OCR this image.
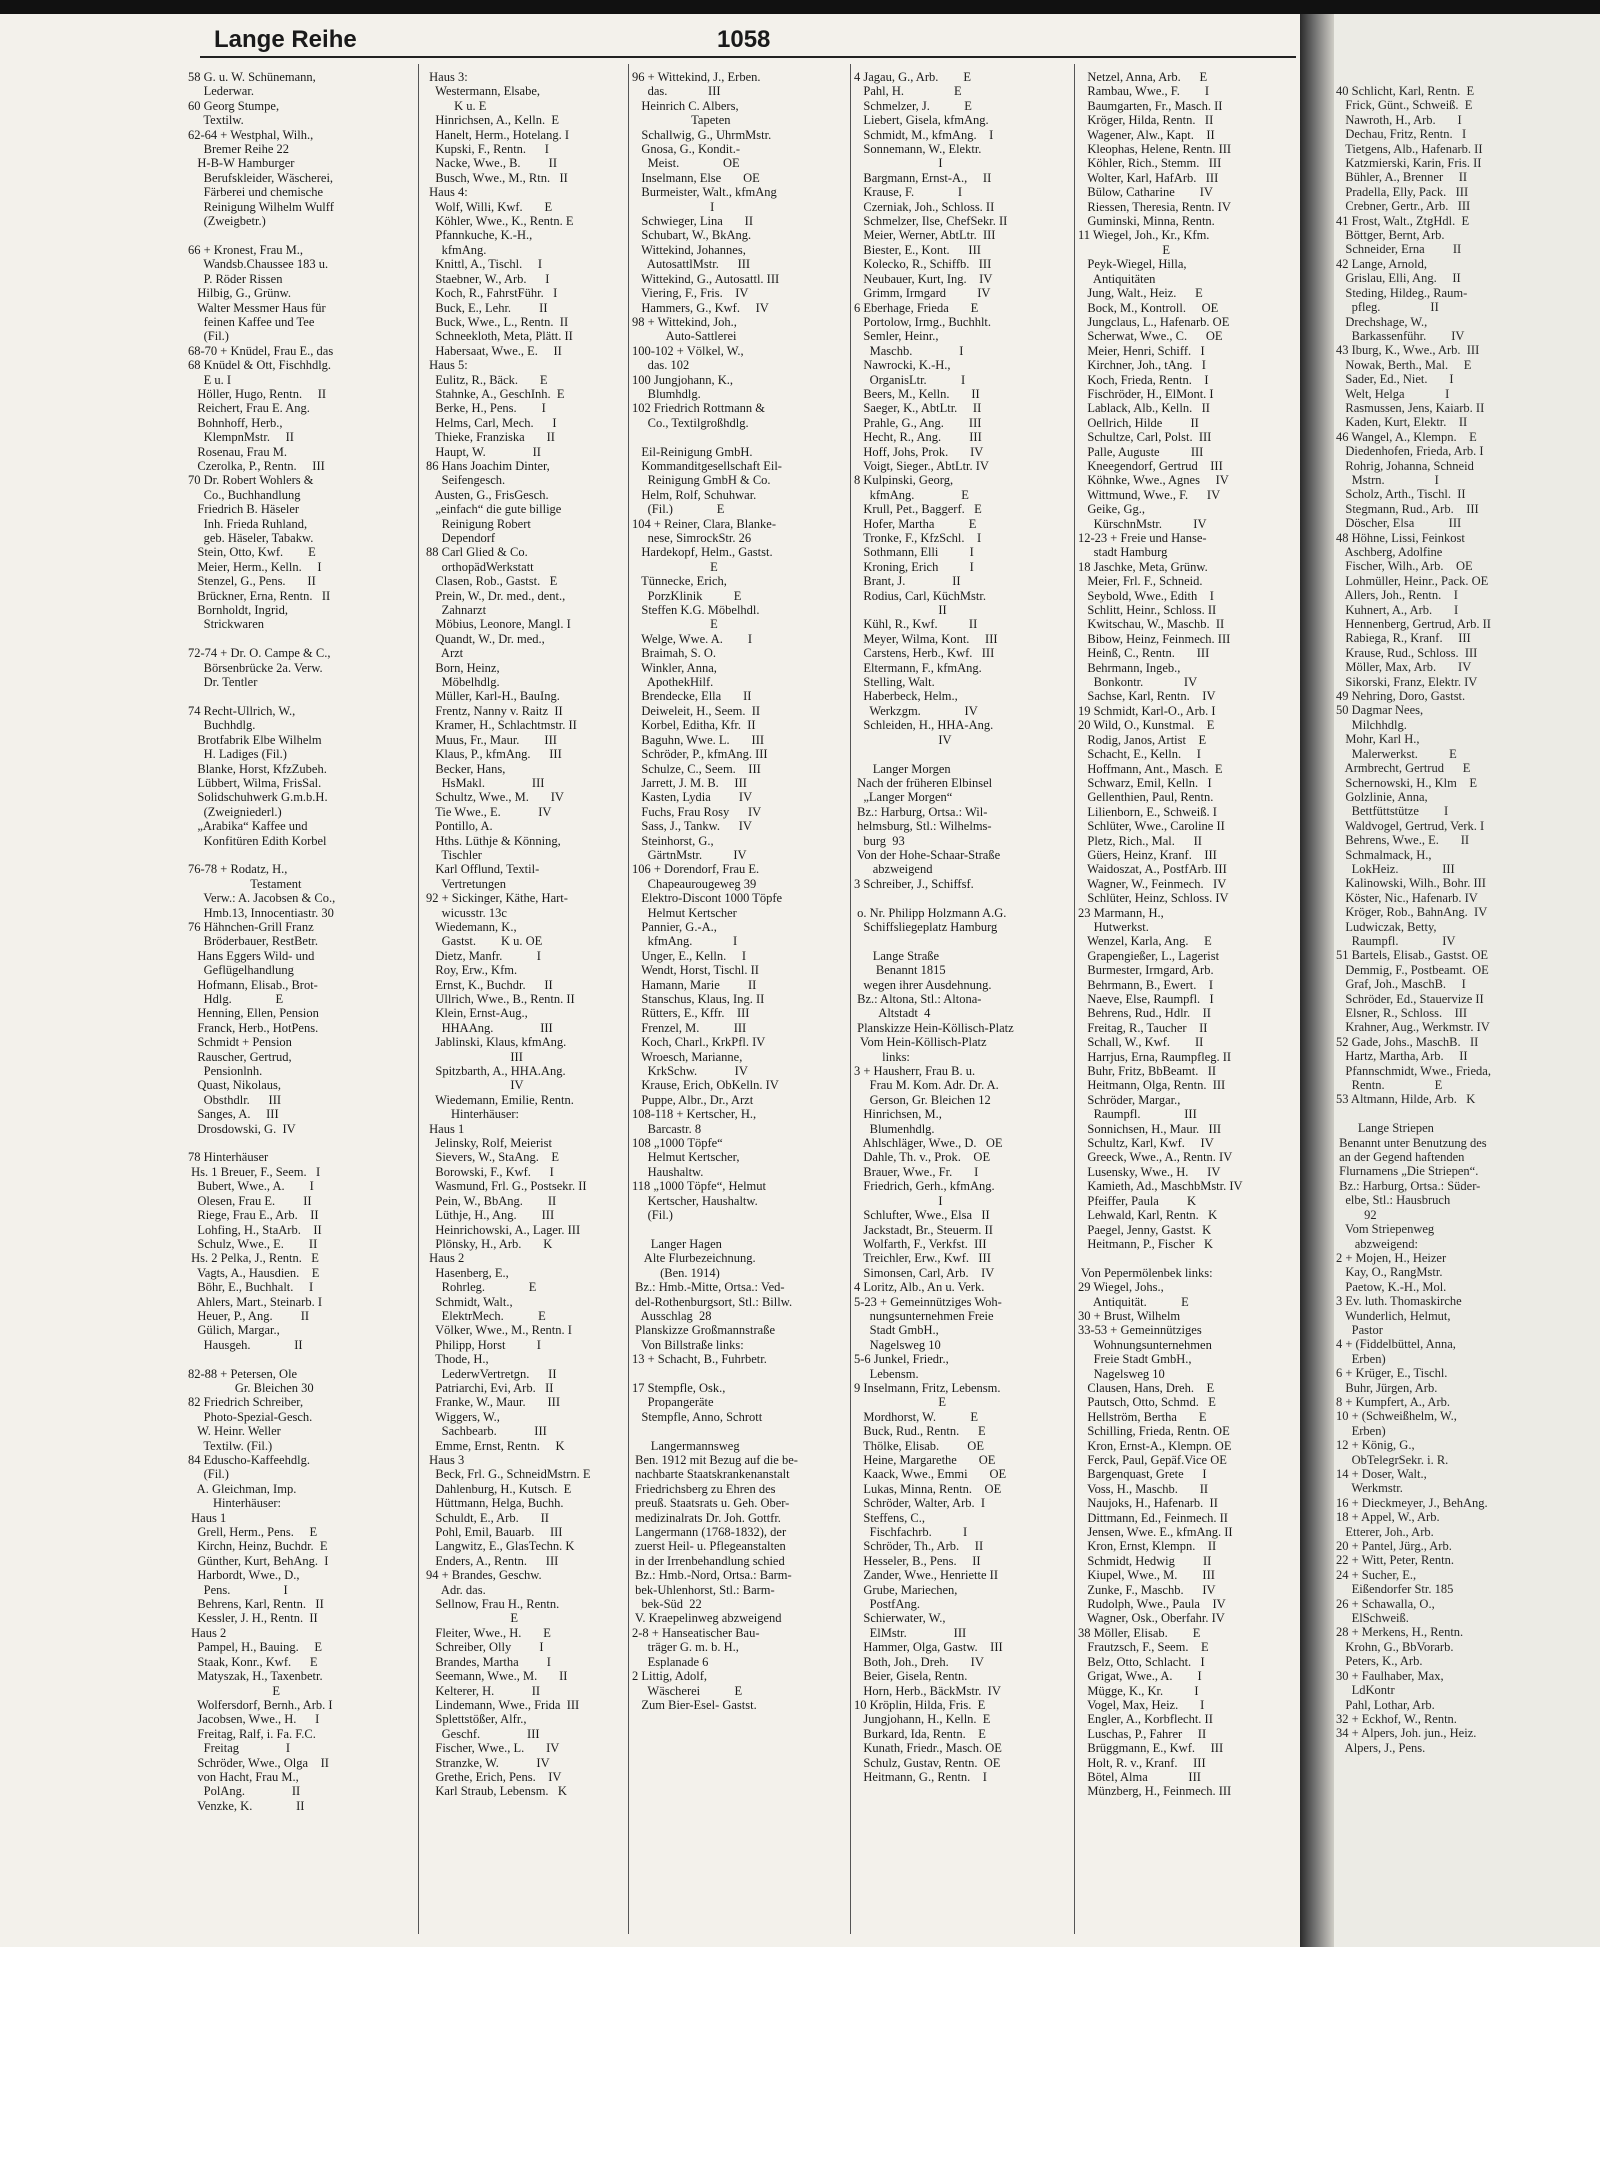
Lange Reihe	1058
58 G. u. W. Schünemann,
Lederwar.
60 Georg Stumpe,
Textilw.
62-64 + Westphal, Wilh.,
Bremer Reihe 22
H-B-W Hamburger
Berufskleider, Wäscherei,
Färberei und chemische
Reinigung Wilhelm Wulff
(Zweigbetr.)

66 + Kronest, Frau M.,
Wandsb.Chaussee 183 u.
P. Röder Rissen
Hilbig, G., Grünw.
Walter Messmer Haus für
feinen Kaffee und Tee
(Fil.)
68-70 + Knüdel, Frau E., das
68 Knüdel & Ott, Fischhdlg.
E u. I
Höller, Hugo, Rentn.     II
Reichert, Frau E. Ang.
Bohnhoff, Herb.,
KlempnMstr.     II
Rosenau, Frau M.
Czerolka, P., Rentn.     III
70 Dr. Robert Wohlers &
Co., Buchhandlung
Friedrich B. Häseler
Inh. Frieda Ruhland,
geb. Häseler, Tabakw.
Stein, Otto, Kwf.        E
Meier, Herm., Kelln.     I
Stenzel, G., Pens.       II
Brückner, Erna, Rentn.   II
Bornholdt, Ingrid,
Strickwaren

72-74 + Dr. O. Campe & C.,
Börsenbrücke 2a. Verw.
Dr. Tentler

74 Recht-Ullrich, W.,
Buchhdlg.
Brotfabrik Elbe Wilhelm
H. Ladiges (Fil.)
Blanke, Horst, KfzZubeh.
Lübbert, Wilma, FrisSal.
Solidschuhwerk G.m.b.H.
(Zweigniederl.)
„Arabika“ Kaffee und
Konfitüren Edith Korbel

76-78 + Rodatz, H.,
Testament
Verw.: A. Jacobsen & Co.,
Hmb.13, Innocentiastr. 30
76 Hähnchen-Grill Franz
Bröderbauer, RestBetr.
Hans Eggers Wild- und
Geflügelhandlung
Hofmann, Elisab., Brot-
Hdlg.              E
Henning, Ellen, Pension
Franck, Herb., HotPens.
Schmidt + Pension
Rauscher, Gertrud,
Pensionlnh.
Quast, Nikolaus,
Obsthdlr.      III
Sanges, A.     III
Drosdowski, G.  IV

78 Hinterhäuser
Hs. 1 Breuer, F., Seem.   I
Bubert, Wwe., A.        I
Olesen, Frau E.         II
Riege, Frau E., Arb.    II
Lohfing, H., StaArb.    II
Schulz, Wwe., E.        II
Hs. 2 Pelka, J., Rentn.   E
Vagts, A., Hausdien.    E
Böhr, E., Buchhalt.     I
Ahlers, Mart., Steinarb. I
Heuer, P., Ang.         II
Gülich, Margar.,
Hausgeh.              II

82-88 + Petersen, Ole
Gr. Bleichen 30
82 Friedrich Schreiber,
Photo-Spezial-Gesch.
W. Heinr. Weller
Textilw. (Fil.)
84 Eduscho-Kaffeehdlg.
(Fil.)
A. Gleichman, Imp.
Hinterhäuser:
Haus 1
Grell, Herm., Pens.     E
Kirchn, Heinz, Buchdr.  E
Günther, Kurt, BehAng.  I
Harbordt, Wwe., D.,
Pens.                 I
Behrens, Karl, Rentn.   II
Kessler, J. H., Rentn.  II
Haus 2
Pampel, H., Bauing.     E
Staak, Konr., Kwf.      E
Matyszak, H., Taxenbetr.
E
Wolfersdorf, Bernh., Arb. I
Jacobsen, Wwe., H.      I
Freitag, Ralf, i. Fa. F.C.
Freitag               I
Schröder, Wwe., Olga    II
von Hacht, Frau M.,
PolAng.               II
Venzke, K.              II
Haus 3:
Westermann, Elsabe,
K u. E
Hinrichsen, A., Kelln.  E
Hanelt, Herm., Hotelang. I
Kupski, F., Rentn.      I
Nacke, Wwe., B.         II
Busch, Wwe., M., Rtn.   II
Haus 4:
Wolf, Willi, Kwf.       E
Köhler, Wwe., K., Rentn. E
Pfannkuche, K.-H.,
kfmAng.
Knittl, A., Tischl.     I
Staebner, W., Arb.      I
Koch, R., FahrstFühr.   I
Buck, E., Lehr.         II
Buck, Wwe., L., Rentn.  II
Schneekloth, Meta, Plätt. II
Habersaat, Wwe., E.     II
Haus 5:
Eulitz, R., Bäck.       E
Stahnke, A., GeschInh.  E
Berke, H., Pens.        I
Helms, Carl, Mech.      I
Thieke, Franziska       II
Haupt, W.               II
86 Hans Joachim Dinter,
Seifengesch.
Austen, G., FrisGesch.
„einfach“ die gute billige
Reinigung Robert
Dependorf
88 Carl Glied & Co.
orthopädWerkstatt
Clasen, Rob., Gastst.   E
Prein, W., Dr. med., dent.,
Zahnarzt
Möbius, Leonore, Mangl. I
Quandt, W., Dr. med.,
Arzt
Born, Heinz,
Möbelhdlg.
Müller, Karl-H., BauIng.
Frentz, Nanny v. Raitz  II
Kramer, H., Schlachtmstr. II
Muus, Fr., Maur.        III
Klaus, P., kfmAng.      III
Becker, Hans,
HsMakl.               III
Schultz, Wwe., M.       IV
Tie Wwe., E.            IV
Pontillo, A.
Hths. Lüthje & Könning,
Tischler
Karl Offlund, Textil-
Vertretungen
92 + Sickinger, Käthe, Hart-
wicusstr. 13c
Wiedemann, K.,
Gastst.        K u. OE
Dietz, Manfr.           I
Roy, Erw., Kfm.
Ernst, K., Buchdr.      II
Ullrich, Wwe., B., Rentn. II
Klein, Ernst-Aug.,
HHAAng.               III
Jablinski, Klaus, kfmAng.
III
Spitzbarth, A., HHA.Ang.
IV
Wiedemann, Emilie, Rentn.
Hinterhäuser:
Haus 1
Jelinsky, Rolf, Meierist
Sievers, W., StaAng.    E
Borowski, F., Kwf.      I
Wasmund, Frl. G., Postsekr. II
Pein, W., BbAng.        II
Lüthje, H., Ang.        III
Heinrichowski, A., Lager. III
Plönsky, H., Arb.       K
Haus 2
Hasenberg, E.,
Rohrleg.              E
Schmidt, Walt.,
ElektrMech.           E
Völker, Wwe., M., Rentn. I
Philipp, Horst          I
Thode, H.,
LederwVertretgn.      II
Patriarchi, Evi, Arb.   II
Franke, W., Maur.       III
Wiggers, W.,
Sachbearb.            III
Emme, Ernst, Rentn.     K
Haus 3
Beck, Frl. G., SchneidMstrn. E
Dahlenburg, H., Kutsch.  E
Hüttmann, Helga, Buchh.
Schuldt, E., Arb.       II
Pohl, Emil, Bauarb.     III
Langwitz, E., GlasTechn. K
Enders, A., Rentn.      III
94 + Brandes, Geschw.
Adr. das.
Sellnow, Frau H., Rentn.
E
Fleiter, Wwe., H.       E
Schreiber, Olly         I
Brandes, Martha         I
Seemann, Wwe., M.       II
Kelterer, H.            II
Lindemann, Wwe., Frida  III
Splettstößer, Alfr.,
Geschf.               III
Fischer, Wwe., L.       IV
Stranzke, W.            IV
Grethe, Erich, Pens.    IV
Karl Straub, Lebensm.   K
96 + Wittekind, J., Erben.
das.             III
Heinrich C. Albers,
Tapeten
Schallwig, G., UhrmMstr.
Gnosa, G., Kondit.-
Meist.              OE
Inselmann, Else       OE
Burmeister, Walt., kfmAng
I
Schwieger, Lina       II
Schubart, W., BkAng.
Wittekind, Johannes,
AutosattlMstr.      III
Wittekind, G., Autosattl. III
Viering, F., Fris.    IV
Hammers, G., Kwf.     IV
98 + Wittekind, Joh.,
Auto-Sattlerei
100-102 + Völkel, W.,
das. 102
100 Jungjohann, K.,
Blumhdlg.
102 Friedrich Rottmann &
Co., Textilgroßhdlg.

Eil-Reinigung GmbH.
Kommanditgesellschaft Eil-
Reinigung GmbH & Co.
Helm, Rolf, Schuhwar.
(Fil.)              E
104 + Reiner, Clara, Blanke-
nese, SimrockStr. 26
Hardekopf, Helm., Gastst.
E
Tünnecke, Erich,
PorzKlinik          E
Steffen K.G. Möbelhdl.
E
Welge, Wwe. A.        I
Braimah, S. O.
Winkler, Anna,
ApothekHilf.
Brendecke, Ella       II
Deiweleit, H., Seem.  II
Korbel, Editha, Kfr.  II
Baguhn, Wwe. L.       III
Schröder, P., kfmAng. III
Schulze, C., Seem.    III
Jarrett, J. M. B.     III
Kasten, Lydia         IV
Fuchs, Frau Rosy      IV
Sass, J., Tankw.      IV
Steinhorst, G.,
GärtnMstr.          IV
106 + Dorendorf, Frau E.
Chapeaurougeweg 39
Elektro-Discont 1000 Töpfe
Helmut Kertscher
Pannier, G.-A.,
kfmAng.             I
Unger, E., Kelln.     I
Wendt, Horst, Tischl. II
Hamann, Marie         II
Stanschus, Klaus, Ing. II
Rütters, E., Kffr.    III
Frenzel, M.           III
Koch, Charl., KrkPfl. IV
Wroesch, Marianne,
KrkSchw.            IV
Krause, Erich, ObKelln. IV
Puppe, Albr., Dr., Arzt
108-118 + Kertscher, H.,
Barcastr. 8
108 „1000 Töpfe“
Helmut Kertscher,
Haushaltw.
118 „1000 Töpfe“, Helmut
Kertscher, Haushaltw.
(Fil.)

Langer Hagen
Alte Flurbezeichnung.
(Ben. 1914)
Bz.: Hmb.-Mitte, Ortsa.: Ved-
del-Rothenburgsort, Stl.: Billw.
Ausschlag  28
Planskizze Großmannstraße
Von Billstraße links:
13 + Schacht, B., Fuhrbetr.

17 Stempfle, Osk.,
Propangeräte
Stempfle, Anno, Schrott

Langermannsweg
Ben. 1912 mit Bezug auf die be-
nachbarte Staatskrankenanstalt
Friedrichsberg zu Ehren des
preuß. Staatsrats u. Geh. Ober-
medizinalrats Dr. Joh. Gottfr.
Langermann (1768-1832), der
zuerst Heil- u. Pflegeanstalten
in der Irrenbehandlung schied
Bz.: Hmb.-Nord, Ortsa.: Barm-
bek-Uhlenhorst, Stl.: Barm-
bek-Süd  22
V. Kraepelinweg abzweigend
2-8 + Hanseatischer Bau-
träger G. m. b. H.,
Esplanade 6
2 Littig, Adolf,
Wäscherei           E
Zum Bier-Esel- Gastst.
4 Jagau, G., Arb.        E
Pahl, H.                E
Schmelzer, J.           E
Liebert, Gisela, kfmAng.
Schmidt, M., kfmAng.    I
Sonnemann, W., Elektr.
I
Bargmann, Ernst-A.,     II
Krause, F.              I
Czerniak, Joh., Schloss. II
Schmelzer, Ilse, ChefSekr. II
Meier, Werner, AbtLtr.  III
Biester, E., Kont.      III
Kolecko, R., Schiffb.   III
Neubauer, Kurt, Ing.    IV
Grimm, Irmgard          IV
6 Eberhage, Frieda       E
Portolow, Irmg., Buchhlt.
Semler, Heinr.,
Maschb.               I
Nawrocki, K.-H.,
OrganisLtr.           I
Beers, M., Kelln.       II
Saeger, K., AbtLtr.     II
Prahle, G., Ang.        III
Hecht, R., Ang.         III
Hoff, Johs, Prok.       IV
Voigt, Sieger., AbtLtr. IV
8 Kulpinski, Georg,
kfmAng.               E
Krull, Pet., Baggerf.   E
Hofer, Martha           E
Tronke, F., KfzSchl.    I
Sothmann, Elli          I
Kroning, Erich          I
Brant, J.               II
Rodius, Carl, KüchMstr.
II
Kühl, R., Kwf.          II
Meyer, Wilma, Kont.     III
Carstens, Herb., Kwf.   III
Eltermann, F., kfmAng.
Stelling, Walt.
Haberbeck, Helm.,
Werkzgm.              IV
Schleiden, H., HHA-Ang.
IV

Langer Morgen
Nach der früheren Elbinsel
„Langer Morgen“
Bz.: Harburg, Ortsa.: Wil-
helmsburg, Stl.: Wilhelms-
burg  93
Von der Hohe-Schaar-Straße
abzweigend
3 Schreiber, J., Schiffsf.

o. Nr. Philipp Holzmann A.G.
Schiffsliegeplatz Hamburg

Lange Straße
Benannt 1815
wegen ihrer Ausdehnung.
Bz.: Altona, Stl.: Altona-
Altstadt  4
Planskizze Hein-Köllisch-Platz
Vom Hein-Köllisch-Platz
links:
3 + Hausherr, Frau B. u.
Frau M. Kom. Adr. Dr. A.
Gerson, Gr. Bleichen 12
Hinrichsen, M.,
Blumenhdlg.
Ahlschläger, Wwe., D.   OE
Dahle, Th. v., Prok.    OE
Brauer, Wwe., Fr.       I
Friedrich, Gerh., kfmAng.
I
Schlufter, Wwe., Elsa   II
Jackstadt, Br., Steuerm. II
Wolfarth, F., Verkfst.  III
Treichler, Erw., Kwf.   III
Simonsen, Carl, Arb.    IV
4 Loritz, Alb., An u. Verk.
5-23 + Gemeinnütziges Woh-
nungsunternehmen Freie
Stadt GmbH.,
Nagelsweg 10
5-6 Junkel, Friedr.,
Lebensm.
9 Inselmann, Fritz, Lebensm.
E
Mordhorst, W.           E
Buck, Rud., Rentn.      E
Thölke, Elisab.         OE
Heine, Margarethe       OE
Kaack, Wwe., Emmi       OE
Lukas, Minna, Rentn.    OE
Schröder, Walter, Arb.  I
Steffens, C.,
Fischfachrb.          I
Schröder, Th., Arb.     II
Hesseler, B., Pens.     II
Zander, Wwe., Henriette II
Grube, Mariechen,
PostfAng.
Schierwater, W.,
ElMstr.               III
Hammer, Olga, Gastw.    III
Both, Joh., Dreh.       IV
Beier, Gisela, Rentn.
Horn, Herb., BäckMstr.  IV
10 Kröplin, Hilda, Fris.  E
Jungjohann, H., Kelln.  E
Burkard, Ida, Rentn.    E
Kunath, Friedr., Masch. OE
Schulz, Gustav, Rentn.  OE
Heitmann, G., Rentn.    I
Netzel, Anna, Arb.      E
Rambau, Wwe., F.        I
Baumgarten, Fr., Masch. II
Kröger, Hilda, Rentn.   II
Wagener, Alw., Kapt.    II
Kleophas, Helene, Rentn. III
Köhler, Rich., Stemm.   III
Wolter, Karl, HafArb.   III
Bülow, Catharine        IV
Riessen, Theresia, Rentn. IV
Guminski, Minna, Rentn.
11 Wiegel, Joh., Kr., Kfm.
E
Peyk-Wiegel, Hilla,
Antiquitäten
Jung, Walt., Heiz.      E
Bock, M., Kontroll.     OE
Jungclaus, L., Hafenarb. OE
Scherwat, Wwe., C.      OE
Meier, Henri, Schiff.   I
Kirchner, Joh., tAng.   I
Koch, Frieda, Rentn.    I
Fischröder, H., ElMont. I
Lablack, Alb., Kelln.   II
Oellrich, Hilde         II
Schultze, Carl, Polst.  III
Palle, Auguste          III
Kneegendorf, Gertrud    III
Köhnke, Wwe., Agnes     IV
Wittmund, Wwe., F.      IV
Geike, Gg.,
KürschnMstr.          IV
12-23 + Freie und Hanse-
stadt Hamburg
18 Jaschke, Meta, Grünw.
Meier, Frl. F., Schneid.
Seybold, Wwe., Edith    I
Schlitt, Heinr., Schloss. II
Kwitschau, W., Maschb.  II
Bibow, Heinz, Feinmech. III
Heinß, C., Rentn.       III
Behrmann, Ingeb.,
Bonkontr.             IV
Sachse, Karl, Rentn.    IV
19 Schmidt, Karl-O., Arb. I
20 Wild, O., Kunstmal.    E
Rodig, Janos, Artist    E
Schacht, E., Kelln.     I
Hoffmann, Ant., Masch.  E
Schwarz, Emil, Kelln.   I
Gellenthien, Paul, Rentn.
Lilienborn, E., Schweiß. I
Schlüter, Wwe., Caroline II
Pletz, Rich., Mal.      II
Güers, Heinz, Kranf.    III
Waidoszat, A., PostfArb. III
Wagner, W., Feinmech.   IV
Schlüter, Heinz, Schloss. IV
23 Marmann, H.,
Hutwerkst.
Wenzel, Karla, Ang.     E
Grapengießer, L., Lagerist
Burmester, Irmgard, Arb.
Behrmann, B., Ewert.    I
Naeve, Else, Raumpfl.   I
Behrens, Rud., Hdlr.    II
Freitag, R., Taucher    II
Schall, W., Kwf.        II
Harrjus, Erna, Raumpfleg. II
Buhr, Fritz, BbBeamt.   II
Heitmann, Olga, Rentn.  III
Schröder, Margar.,
Raumpfl.              III
Sonnichsen, H., Maur.   III
Schultz, Karl, Kwf.     IV
Greeck, Wwe., A., Rentn. IV
Lusensky, Wwe., H.      IV
Kamieth, Ad., MaschbMstr. IV
Pfeiffer, Paula         K
Lehwald, Karl, Rentn.   K
Paegel, Jenny, Gastst.  K
Heitmann, P., Fischer   K

Von Pepermölenbek links:
29 Wiegel, Johs.,
Antiquität.           E
30 + Brust, Wilhelm
33-53 + Gemeinnütziges
Wohnungsunternehmen
Freie Stadt GmbH.,
Nagelsweg 10
Clausen, Hans, Dreh.    E
Pautsch, Otto, Schmd.   E
Hellström, Bertha       E
Schilling, Frieda, Rentn. OE
Kron, Ernst-A., Klempn. OE
Ferck, Paul, Gepäf.Vice OE
Bargenquast, Grete      I
Voss, H., Maschb.       II
Naujoks, H., Hafenarb.  II
Dittmann, Ed., Feinmech. II
Jensen, Wwe. E., kfmAng. II
Kron, Ernst, Klempn.    II
Schmidt, Hedwig         II
Kiupel, Wwe., M.        III
Zunke, F., Maschb.      IV
Rudolph, Wwe., Paula    IV
Wagner, Osk., Oberfahr. IV
38 Möller, Elisab.        E
Frautzsch, F., Seem.    E
Belz, Otto, Schlacht.   I
Grigat, Wwe., A.        I
Mügge, K., Kr.          I
Vogel, Max, Heiz.       I
Engler, A., Korbflecht. II
Luschas, P., Fahrer     II
Brüggmann, E., Kwf.     III
Holt, R. v., Kranf.     III
Bötel, Alma             III
Münzberg, H., Feinmech. III
40 Schlicht, Karl, Rentn.  E
Frick, Günt., Schweiß.  E
Nawroth, H., Arb.       I
Dechau, Fritz, Rentn.   I
Tietgens, Alb., Hafenarb. II
Katzmierski, Karin, Fris. II
Bühler, A., Brenner     II
Pradella, Elly, Pack.   III
Crebner, Gertr., Arb.   III
41 Frost, Walt., ZtgHdl.  E
Böttger, Bernt, Arb.
Schneider, Erna         II
42 Lange, Arnold,
Grislau, Elli, Ang.     II
Steding, Hildeg., Raum-
pfleg.                II
Drechshage, W.,
Barkassenführ.        IV
43 Iburg, K., Wwe., Arb.  III
Nowak, Berth., Mal.     E
Sader, Ed., Niet.       I
Welt, Helga             I
Rasmussen, Jens, Kaiarb. II
Kaden, Kurt, Elektr.    II
46 Wangel, A., Klempn.    E
Diedenhofen, Frieda, Arb. I
Rohrig, Johanna, Schneid
Mstrn.                I
Scholz, Arth., Tischl.  II
Stegmann, Rud., Arb.    III
Döscher, Elsa           III
48 Höhne, Lissi, Feinkost
Aschberg, Adolfine
Fischer, Wilh., Arb.    OE
Lohmüller, Heinr., Pack. OE
Allers, Joh., Rentn.    I
Kuhnert, A., Arb.       I
Hennenberg, Gertrud, Arb. II
Rabiega, R., Kranf.     III
Krause, Rud., Schloss.  III
Möller, Max, Arb.       IV
Sikorski, Franz, Elektr. IV
49 Nehring, Doro, Gastst.
50 Dagmar Nees,
Milchhdlg.
Mohr, Karl H.,
Malerwerkst.          E
Armbrecht, Gertrud      E
Schernowski, H., Klm    E
Golzlinie, Anna,
Bettfüttstütze        I
Waldvogel, Gertrud, Verk. I
Behrens, Wwe., E.       II
Schmalmack, H.,
LokHeiz.              III
Kalinowski, Wilh., Bohr. III
Köster, Nic., Hafenarb. IV
Kröger, Rob., BahnAng.  IV
Ludwiczak, Betty,
Raumpfl.              IV
51 Bartels, Elisab., Gastst. OE
Demmig, F., Postbeamt.  OE
Graf, Joh., MaschB.     I
Schröder, Ed., Stauervize II
Elsner, R., Schloss.    III
Krahner, Aug., Werkmstr. IV
52 Gade, Johs., MaschB.   II
Hartz, Martha, Arb.     II
Pfannschmidt, Wwe., Frieda,
Rentn.                E
53 Altmann, Hilde, Arb.   K

Lange Striepen
Benannt unter Benutzung des
an der Gegend haftenden
Flurnamens „Die Striepen“.
Bz.: Harburg, Ortsa.: Süder-
elbe, Stl.: Hausbruch
92
Vom Striepenweg
abzweigend:
2 + Mojen, H., Heizer
Kay, O., RangMstr.
Paetow, K.-H., Mol.
3 Ev. luth. Thomaskirche
Wunderlich, Helmut,
Pastor
4 + (Fiddelbüttel, Anna,
Erben)
6 + Krüger, E., Tischl.
Buhr, Jürgen, Arb.
8 + Kumpfert, A., Arb.
10 + (Schweißhelm, W.,
Erben)
12 + König, G.,
ObTelegrSekr. i. R.
14 + Doser, Walt.,
Werkmstr.
16 + Dieckmeyer, J., BehAng.
18 + Appel, W., Arb.
Etterer, Joh., Arb.
20 + Pantel, Jürg., Arb.
22 + Witt, Peter, Rentn.
24 + Sucher, E.,
Eißendorfer Str. 185
26 + Schawalla, O.,
ElSchweiß.
28 + Merkens, H., Rentn.
Krohn, G., BbVorarb.
Peters, K., Arb.
30 + Faulhaber, Max,
LdKontr
Pahl, Lothar, Arb.
32 + Eckhof, W., Rentn.
34 + Alpers, Joh. jun., Heiz.
Alpers, J., Pens.
